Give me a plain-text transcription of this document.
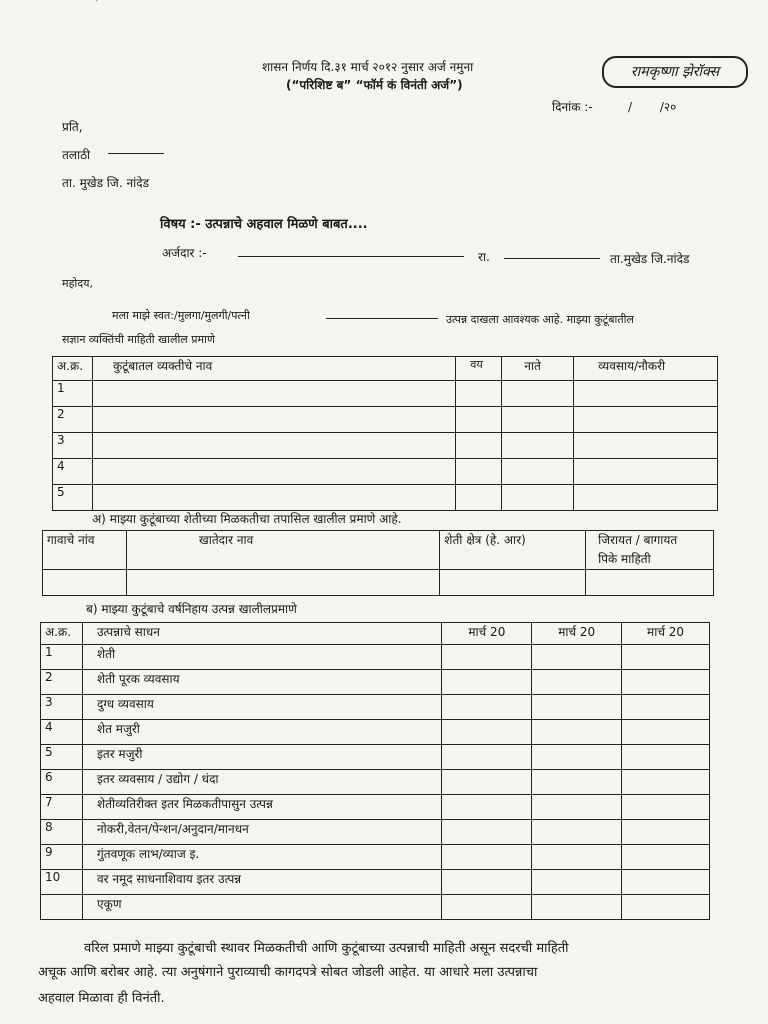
शासन निर्णय दि.३१ मार्च २०१२ नुसार अर्ज नमुना
(“परिशिष्ट ब” “फॉर्म कं विनंती अर्ज”)
रामकृष्णा झेरॉक्स
दिनांक :-	/ /२०
प्रति,
तलाठी
ता. मुखेड जि. नांदेड
विषय :- उत्पन्नाचे अहवाल मिळणे बाबत....
अर्जदार :-	रा.	ता.मुखेड जि.नांदेड
महोदय,
मला माझे स्वत:/मुलगा/मुलगी/पत्नी	उत्पन्न दाखला आवश्यक आहे. माझ्या कुटूंबातील
सज्ञान व्यक्तिंची माहिती खालील प्रमाणे
अ.क्र.	कुटूंबातल व्यक्तीचे नाव	वय	नाते	व्यवसाय/नौकरी
1				
2				
3				
4				
5				
अ) माझ्या कुटूंबाच्या शेतीच्या मिळकतीचा तपासिल खालील प्रमाणे आहे.
गावाचे नांव	खातेदार नाव	शेती क्षेत्र (हे. आर)	जिरायत / बागायत
पिके माहिती

ब) माझ्या कुटूंबाचे वर्षनिहाय उत्पन्न खालीलप्रमाणे
अ.क्र.	उत्पन्नाचे साधन	मार्च 20	मार्च 20	मार्च 20
1	शेती			
2	शेती पूरक व्यवसाय			
3	दुग्ध व्यवसाय			
4	शेत मजुरी			
5	इतर मजुरी			
6	इतर व्यवसाय / उद्योग / धंदा			
7	शेतीव्यतिरीक्त इतर मिळकतीपासुन उत्पन्न			
8	नोकरी,वेतन/पेन्शन/अनुदान/मानधन			
9	गुंतवणूक लाभ/व्याज इ.			
10	वर नमूद साधनाशिवाय इतर उत्पन्न			
	एकूण			
वरिल प्रमाणे माझ्या कुटूंबाची स्थावर मिळकतीची आणि कुटूंबाच्या उत्पन्नाची माहिती असून सदरची माहिती
अचूक आणि बरोबर आहे. त्या अनुषंगाने पुराव्याची कागदपत्रे सोबत जोडली आहेत. या आधारे मला उत्पन्नाचा
अहवाल मिळावा ही विनंती.
